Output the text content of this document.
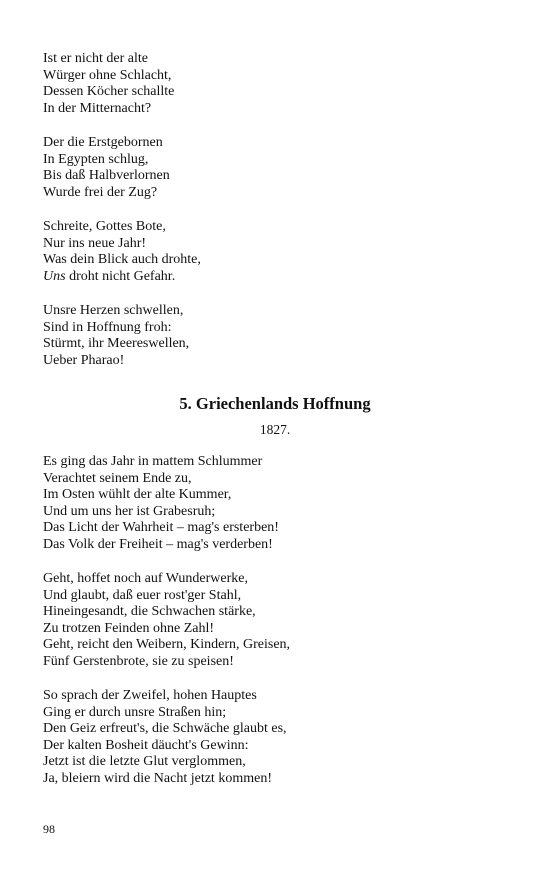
Ist er nicht der alte
Würger ohne Schlacht,
Dessen Köcher schallte
In der Mitternacht?
Der die Erstgebornen
In Egypten schlug,
Bis daß Halbverlornen
Wurde frei der Zug?
Schreite, Gottes Bote,
Nur ins neue Jahr!
Was dein Blick auch drohte,
Uns droht nicht Gefahr.
Unsre Herzen schwellen,
Sind in Hoffnung froh:
Stürmt, ihr Meereswellen,
Ueber Pharao!
5. Griechenlands Hoffnung
1827.
Es ging das Jahr in mattem Schlummer
Verachtet seinem Ende zu,
Im Osten wühlt der alte Kummer,
Und um uns her ist Grabesruh;
Das Licht der Wahrheit – mag's ersterben!
Das Volk der Freiheit – mag's verderben!
Geht, hoffet noch auf Wunderwerke,
Und glaubt, daß euer rost'ger Stahl,
Hineingesandt, die Schwachen stärke,
Zu trotzen Feinden ohne Zahl!
Geht, reicht den Weibern, Kindern, Greisen,
Fünf Gerstenbrote, sie zu speisen!
So sprach der Zweifel, hohen Hauptes
Ging er durch unsre Straßen hin;
Den Geiz erfreut's, die Schwäche glaubt es,
Der kalten Bosheit däucht's Gewinn:
Jetzt ist die letzte Glut verglommen,
Ja, bleiern wird die Nacht jetzt kommen!
98
